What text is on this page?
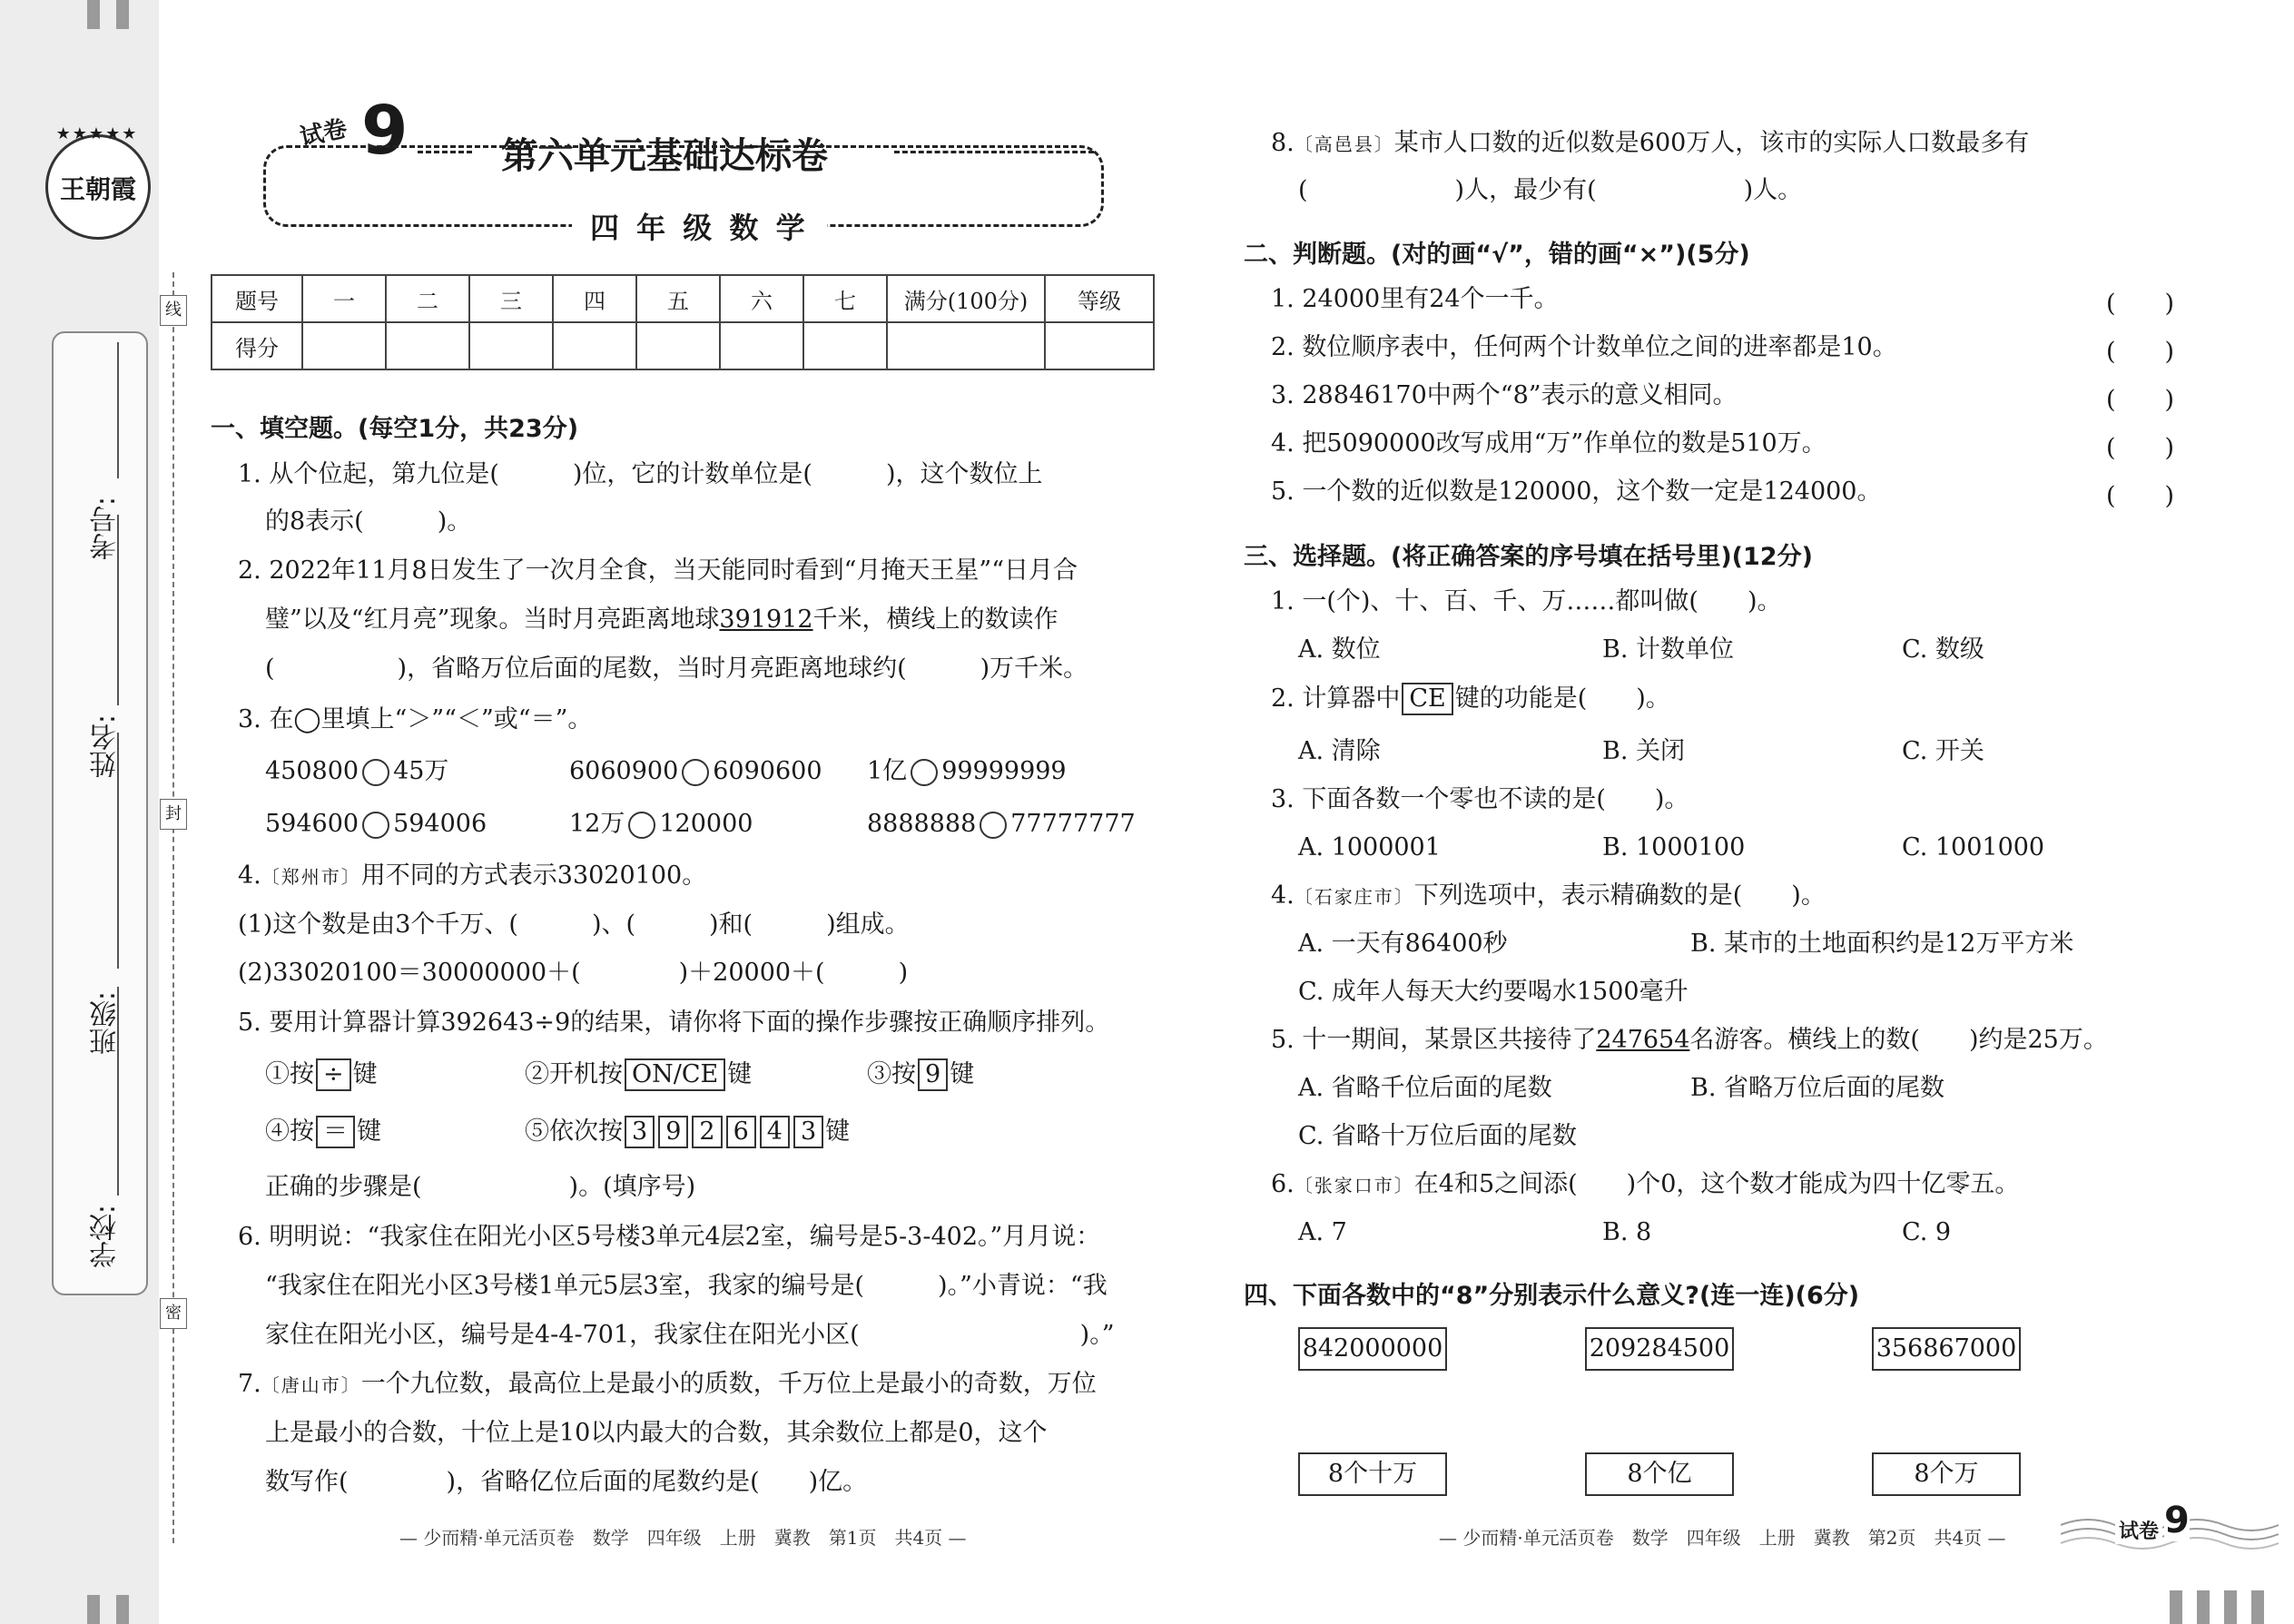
★★★★★
王朝霞
学校:
班级:
姓名:
考号:
线
封
密
试卷 9	第六单元基础达标卷
四 年 级 数 学
题号	一	二	三	四	五	六	七	满分(100分)	等级
得分									
一、填空题。(每空1分，共23分)
1. 从个位起，第九位是(　　　)位，它的计数单位是(　　　)，这个数位上
的8表示(　　　)。
2. 2022年11月8日发生了一次月全食，当天能同时看到“月掩天王星”“日月合
璧”以及“红月亮”现象。当时月亮距离地球391912千米，横线上的数读作
(　　　　　)，省略万位后面的尾数，当时月亮距离地球约(　　　)万千米。
3. 在◯里填上“＞”“＜”或“＝”。
450800 45万	6060900 6090600 1亿 99999999
594600 594006	12万 120000	8888888 77777777
4.〔郑州市〕用不同的方式表示33020100。
(1)这个数是由3个千万、(　　　)、(　　　)和(　　　)组成。
(2)33020100＝30000000＋(　　　　)＋20000＋(　　　)
5. 要用计算器计算392643÷9的结果，请你将下面的操作步骤按正确顺序排列。
①按 ÷ 键	②开机按 ON/CE 键	③按 9 键
④按 ＝ 键	⑤依次按 3 9 2 6 4 3 键
正确的步骤是(　　　　　　)。(填序号)
6. 明明说：“我家住在阳光小区5号楼3单元4层2室，编号是5-3-402。”月月说：
“我家住在阳光小区3号楼1单元5层3室，我家的编号是(　　　)。”小青说：“我
家住在阳光小区，编号是4-4-701，我家住在阳光小区(　　　　　　　　　)。”
7.〔唐山市〕一个九位数，最高位上是最小的质数，千万位上是最小的奇数，万位
上是最小的合数，十位上是10以内最大的合数，其余数位上都是0，这个
数写作(　　　　)，省略亿位后面的尾数约是(　　)亿。
— 少而精·单元活页卷　数学　四年级　上册　冀教　第1页　共4页 —
8.〔高邑县〕某市人口数的近似数是600万人，该市的实际人口数最多有
(　　　　　　)人，最少有(　　　　　　)人。
二、判断题。(对的画“√”，错的画“×”)(5分)
1. 24000里有24个一千。	(　　)
2. 数位顺序表中，任何两个计数单位之间的进率都是10。	(　　)
3. 28846170中两个“8”表示的意义相同。	(　　)
4. 把5090000改写成用“万”作单位的数是510万。	(　　)
5. 一个数的近似数是120000，这个数一定是124000。	(　　)
三、选择题。(将正确答案的序号填在括号里)(12分)
1. 一(个)、十、百、千、万……都叫做(　　)。
A. 数位	B. 计数单位	C. 数级
2. 计算器中 CE 键的功能是(　　)。
A. 清除	B. 关闭	C. 开关
3. 下面各数一个零也不读的是(　　)。
A. 1000001	B. 1000100	C. 1001000
4.〔石家庄市〕下列选项中，表示精确数的是(　　)。
A. 一天有86400秒	B. 某市的土地面积约是12万平方米
C. 成年人每天大约要喝水1500毫升
5. 十一期间，某景区共接待了247654名游客。横线上的数(　　)约是25万。
A. 省略千位后面的尾数	B. 省略万位后面的尾数
C. 省略十万位后面的尾数
6.〔张家口市〕在4和5之间添(　　)个0，这个数才能成为四十亿零五。
A. 7	B. 8	C. 9
四、下面各数中的“8”分别表示什么意义?(连一连)(6分)
842000000	209284500	356867000
8个十万	8个亿	8个万
— 少而精·单元活页卷　数学　四年级　上册　冀教　第2页　共4页 —	试卷 9
